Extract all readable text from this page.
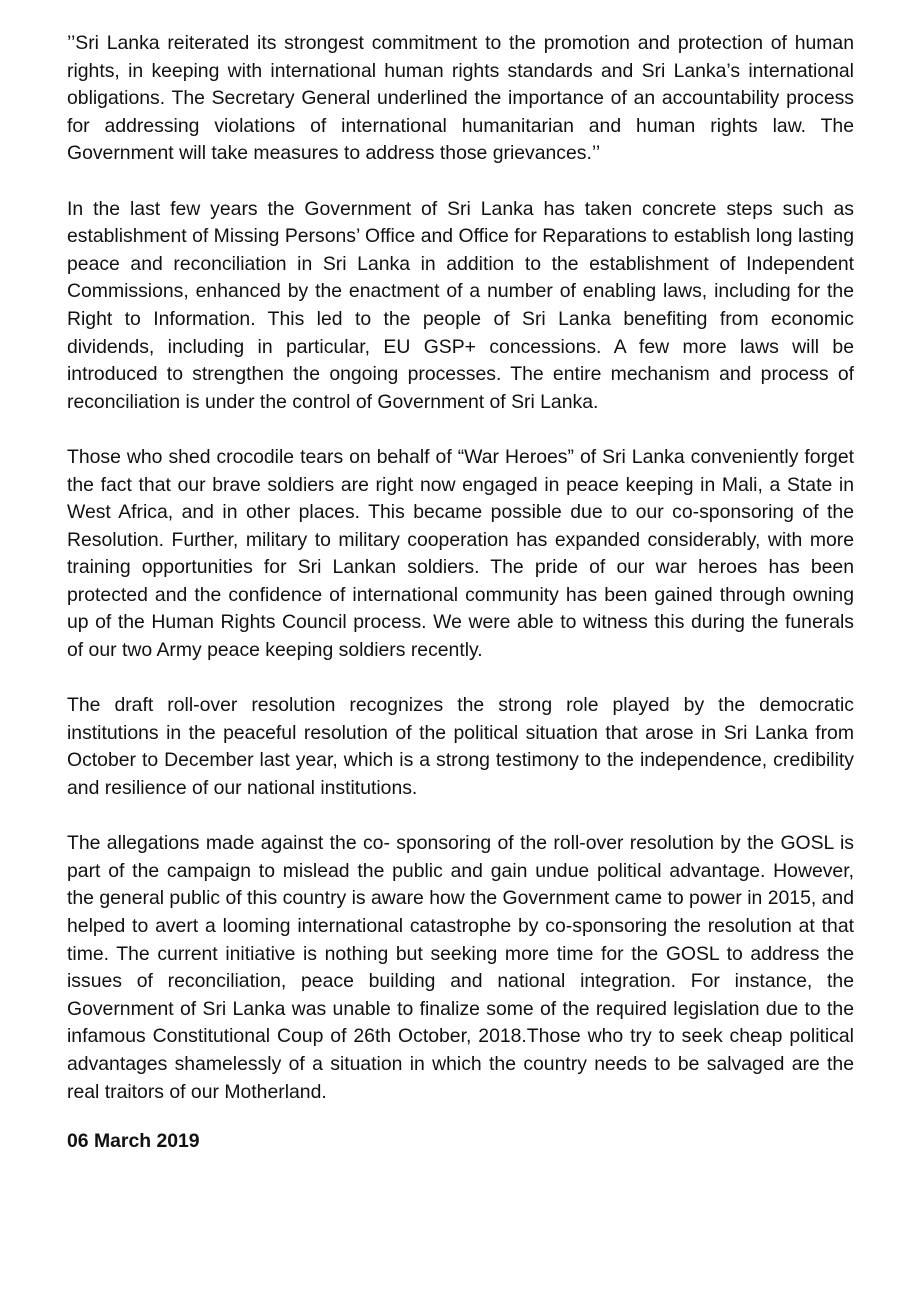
’’Sri Lanka reiterated its strongest commitment to the promotion and protection of human rights, in keeping with international human rights standards and Sri Lanka’s international obligations. The Secretary General underlined the importance of an accountability process for addressing violations of international humanitarian and human rights law. The Government will take measures to address those grievances.’’

In the last few years the Government of Sri Lanka has taken concrete steps such as establishment of Missing Persons’ Office and Office for Reparations to establish long lasting peace and reconciliation in Sri Lanka in addition to the establishment of Independent Commissions, enhanced by the enactment of a number of enabling laws, including for the Right to Information. This led to the people of Sri Lanka benefiting from economic dividends, including in particular, EU GSP+ concessions. A few more laws will be introduced to strengthen the ongoing processes. The entire mechanism and process of reconciliation is under the control of Government of Sri Lanka.

Those who shed crocodile tears on behalf of “War Heroes” of Sri Lanka conveniently forget the fact that our brave soldiers are right now engaged in peace keeping in Mali, a State in West Africa, and in other places. This became possible due to our co-sponsoring of the Resolution. Further, military to military cooperation has expanded considerably, with more training opportunities for Sri Lankan soldiers. The pride of our war heroes has been protected and the confidence of international community has been gained through owning up of the Human Rights Council process. We were able to witness this during the funerals of our two Army peace keeping soldiers recently.

The draft roll-over resolution recognizes the strong role played by the democratic institutions in the peaceful resolution of the political situation that arose in Sri Lanka from October to December last year, which is a strong testimony to the independence, credibility and resilience of our national institutions.

The allegations made against the co- sponsoring of the roll-over resolution by the GOSL is part of the campaign to mislead the public and gain undue political advantage. However, the general public of this country is aware how the Government came to power in 2015, and helped to avert a looming international catastrophe by co-sponsoring the resolution at that time. The current initiative is nothing but seeking more time for the GOSL to address the issues of reconciliation, peace building and national integration. For instance, the Government of Sri Lanka was unable to finalize some of the required legislation due to the infamous Constitutional Coup of 26th October, 2018.Those who try to seek cheap political advantages shamelessly of a situation in which the country needs to be salvaged are the real traitors of our Motherland.

06 March 2019
